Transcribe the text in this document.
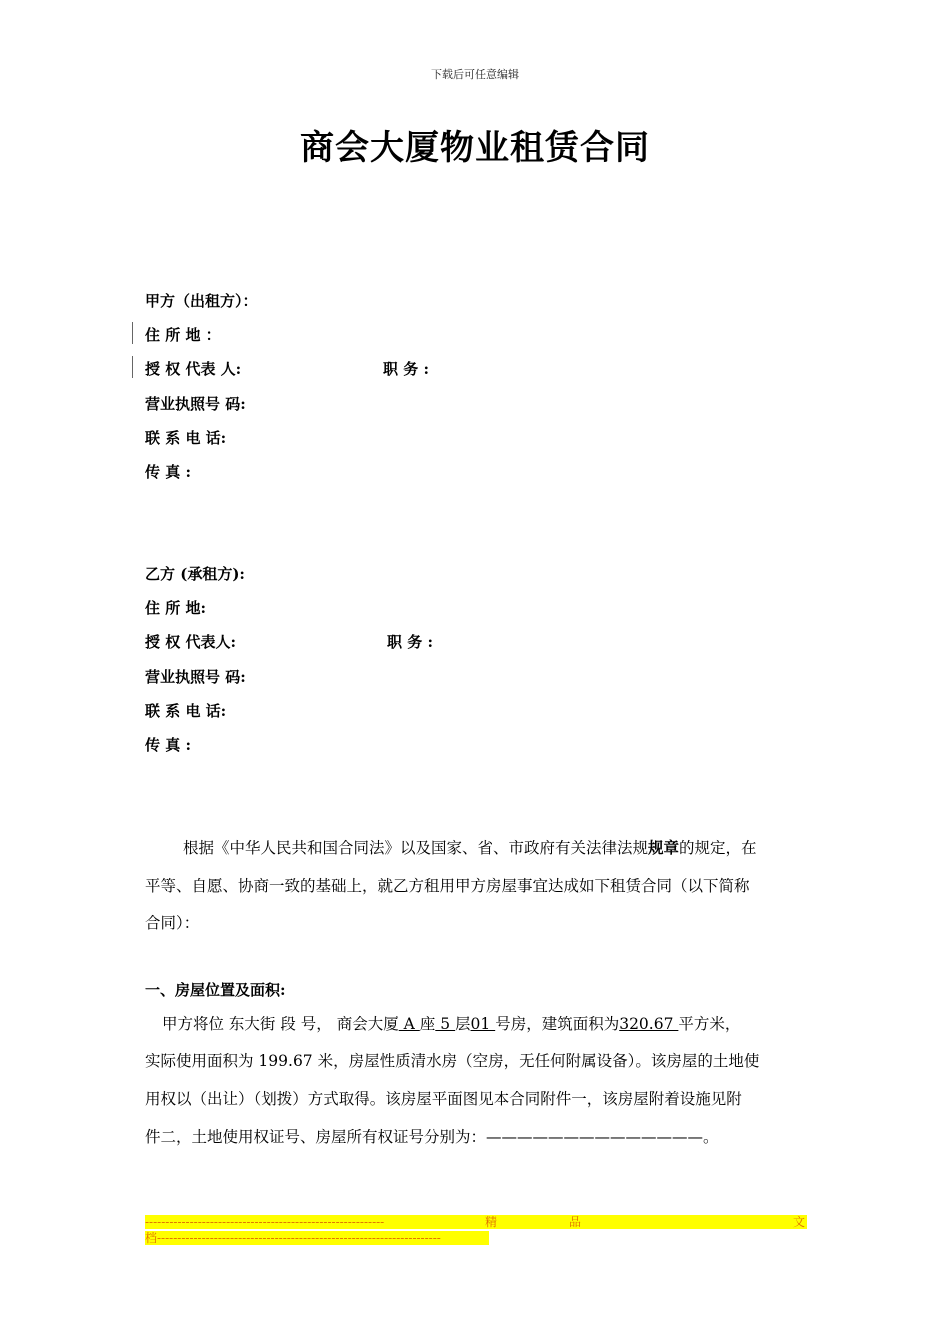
下载后可任意编辑
商会大厦物业租赁合同
甲方（出租方）：
住 所 地 ：
授 权 代表 人:	职 务 :
营业执照号 码:
联 系 电 话:
传 真 :
乙方 (承租方):
住 所 地:
授 权 代表人:	职 务 :
营业执照号 码:
联 系 电 话:
传 真 :
根据《中华人民共和国合同法》以及国家、省、市政府有关法律法规规章的规定，在
平等、自愿、协商一致的基础上，就乙方租用甲方房屋事宜达成如下租赁合同（以下简称
合同）：
一、房屋位置及面积:
甲方将位 东大街 段 号， 商会大厦 A 座 5 层01 号房，建筑面积为320.67 平方米，
实际使用面积为 199.67 米，房屋性质清水房（空房，无任何附属设备）。该房屋的土地使
用权以（出让）（划拨）方式取得。该房屋平面图见本合同附件一，该房屋附着设施见附
件二，土地使用权证号、房屋所有权证号分别为：——————————————。
-----------------------------------------------------------	精	品	文
档----------------------------------------------------------------------
